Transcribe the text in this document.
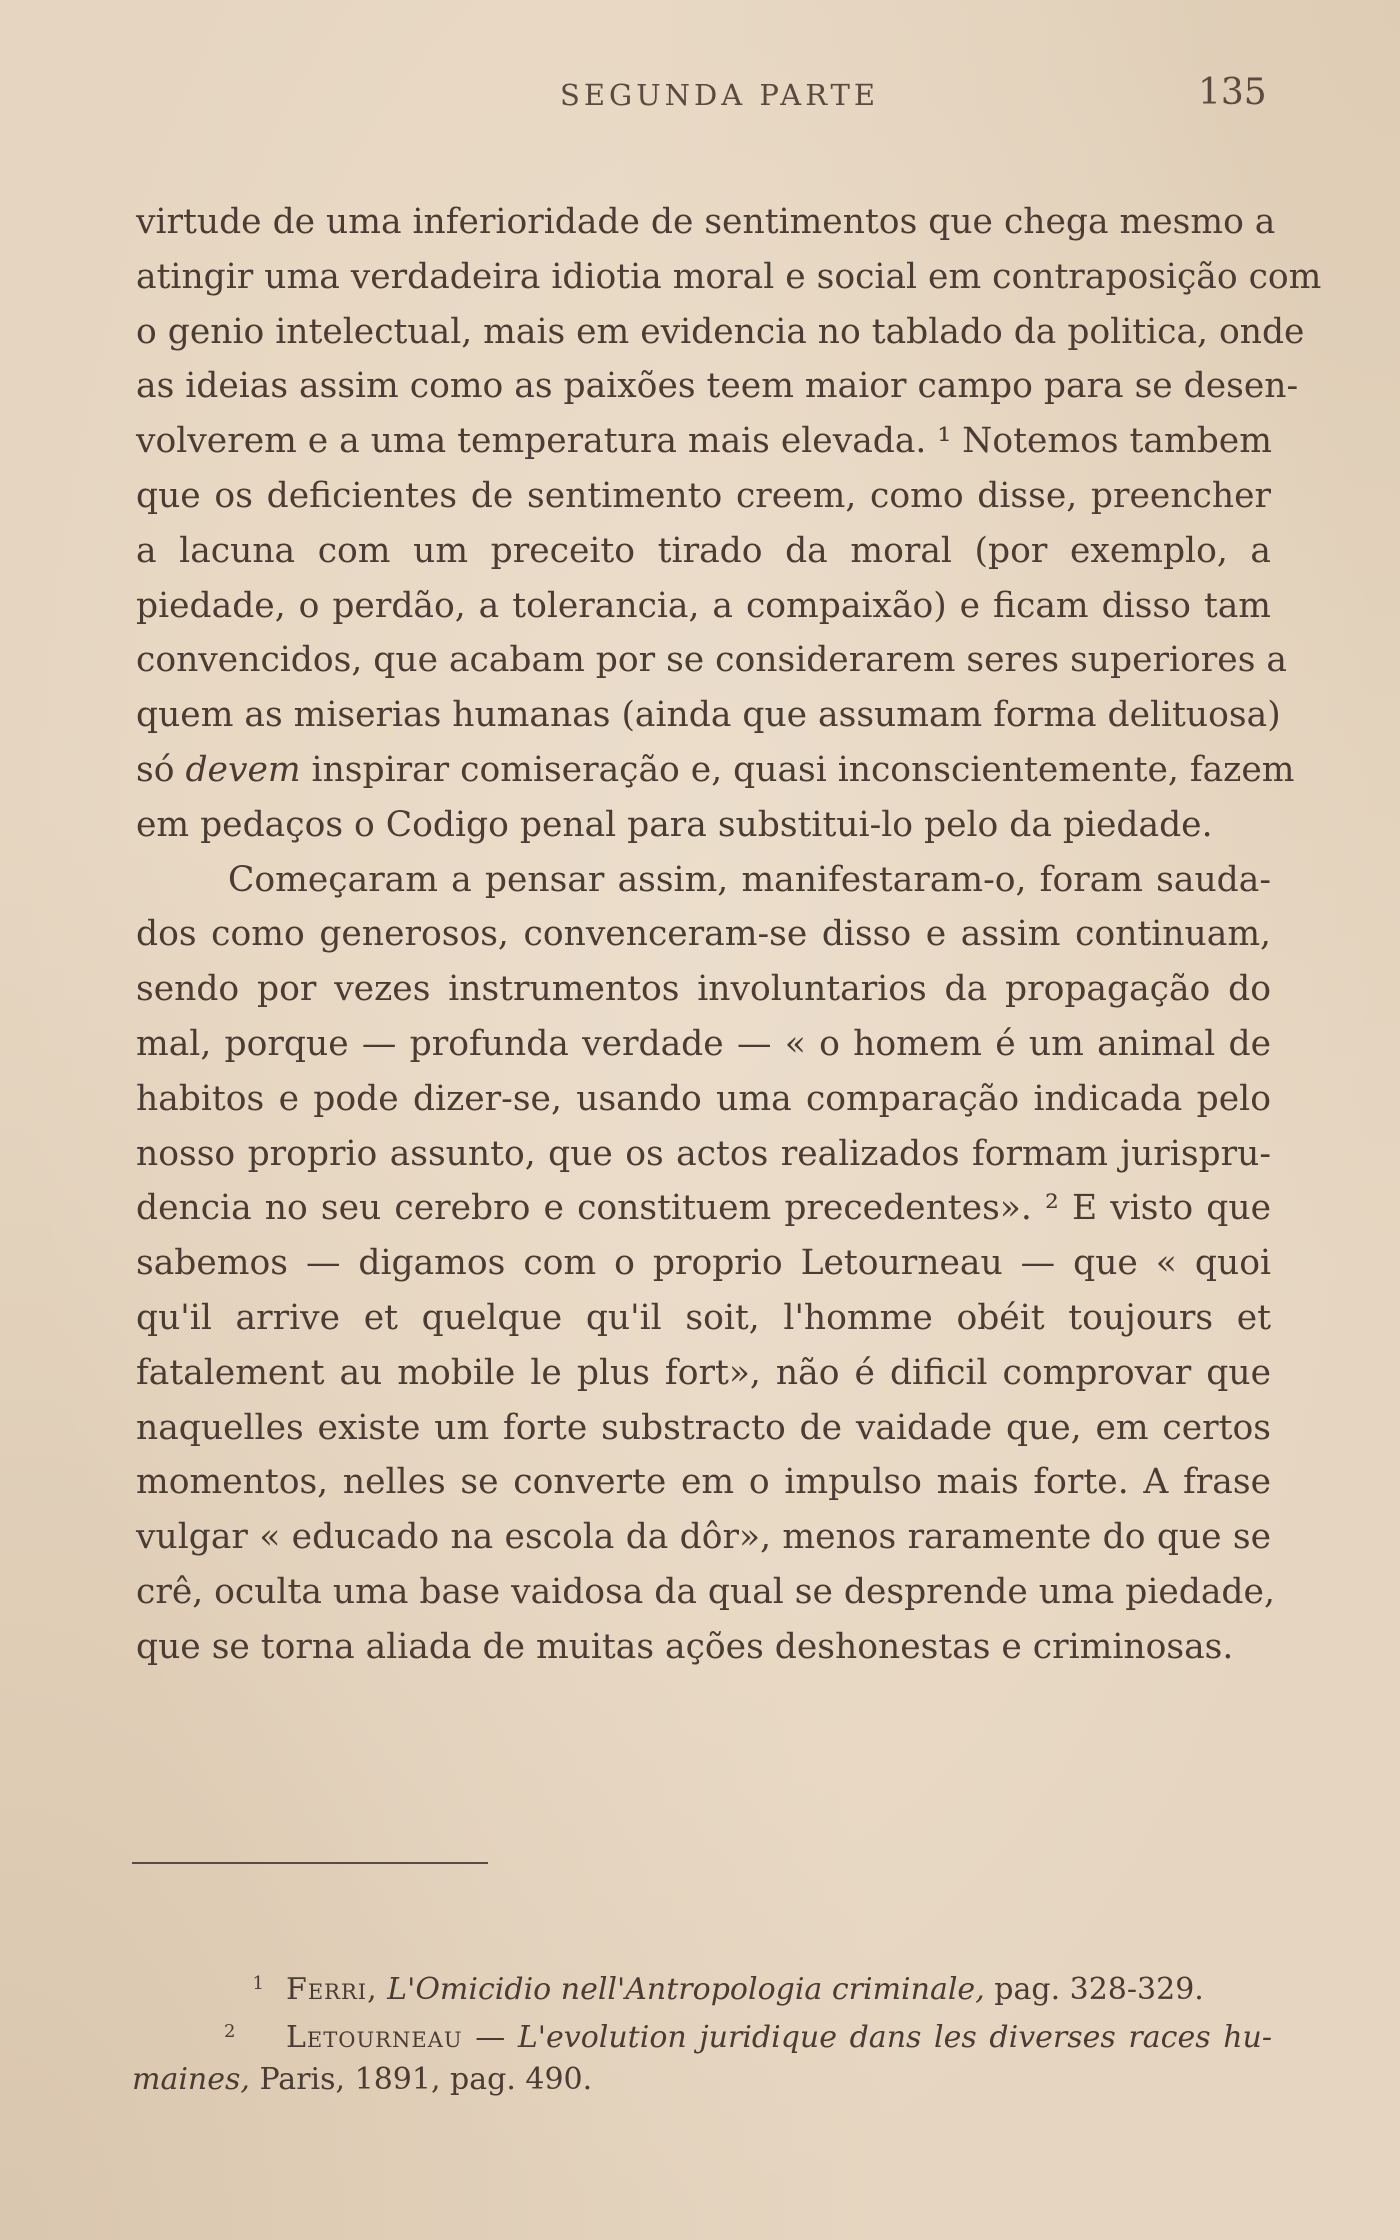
SEGUNDA PARTE	135
virtude de uma inferioridade de sentimentos que chega mesmo a
atingir uma verdadeira idiotia moral e social em contraposição com
o genio intelectual, mais em evidencia no tablado da politica, onde
as ideias assim como as paixões teem maior campo para se desen-
volverem e a uma temperatura mais elevada. ¹ Notemos tambem
que os deficientes de sentimento creem, como disse, preencher
a lacuna com um preceito tirado da moral (por exemplo, a
piedade, o perdão, a tolerancia, a compaixão) e ficam disso tam
convencidos, que acabam por se considerarem seres superiores a
quem as miserias humanas (ainda que assumam forma delituosa)
só devem inspirar comiseração e, quasi inconscientemente, fazem
em pedaços o Codigo penal para substitui-lo pelo da piedade.
Começaram a pensar assim, manifestaram-o, foram sauda-
dos como generosos, convenceram-se disso e assim continuam,
sendo por vezes instrumentos involuntarios da propagação do
mal, porque — profunda verdade — « o homem é um animal de
habitos e pode dizer-se, usando uma comparação indicada pelo
nosso proprio assunto, que os actos realizados formam jurispru-
dencia no seu cerebro e constituem precedentes». ² E visto que
sabemos — digamos com o proprio Letourneau — que « quoi
qu'il arrive et quelque qu'il soit, l'homme obéit toujours et
fatalement au mobile le plus fort», não é dificil comprovar que
naquelles existe um forte substracto de vaidade que, em certos
momentos, nelles se converte em o impulso mais forte. A frase
vulgar « educado na escola da dôr», menos raramente do que se
crê, oculta uma base vaidosa da qual se desprende uma piedade,
que se torna aliada de muitas ações deshonestas e criminosas.
1 Ferri, L'Omicidio nell'Antropologia criminale, pag. 328-329.
2 Letourneau — L'evolution juridique dans les diverses races hu-
maines, Paris, 1891, pag. 490.
